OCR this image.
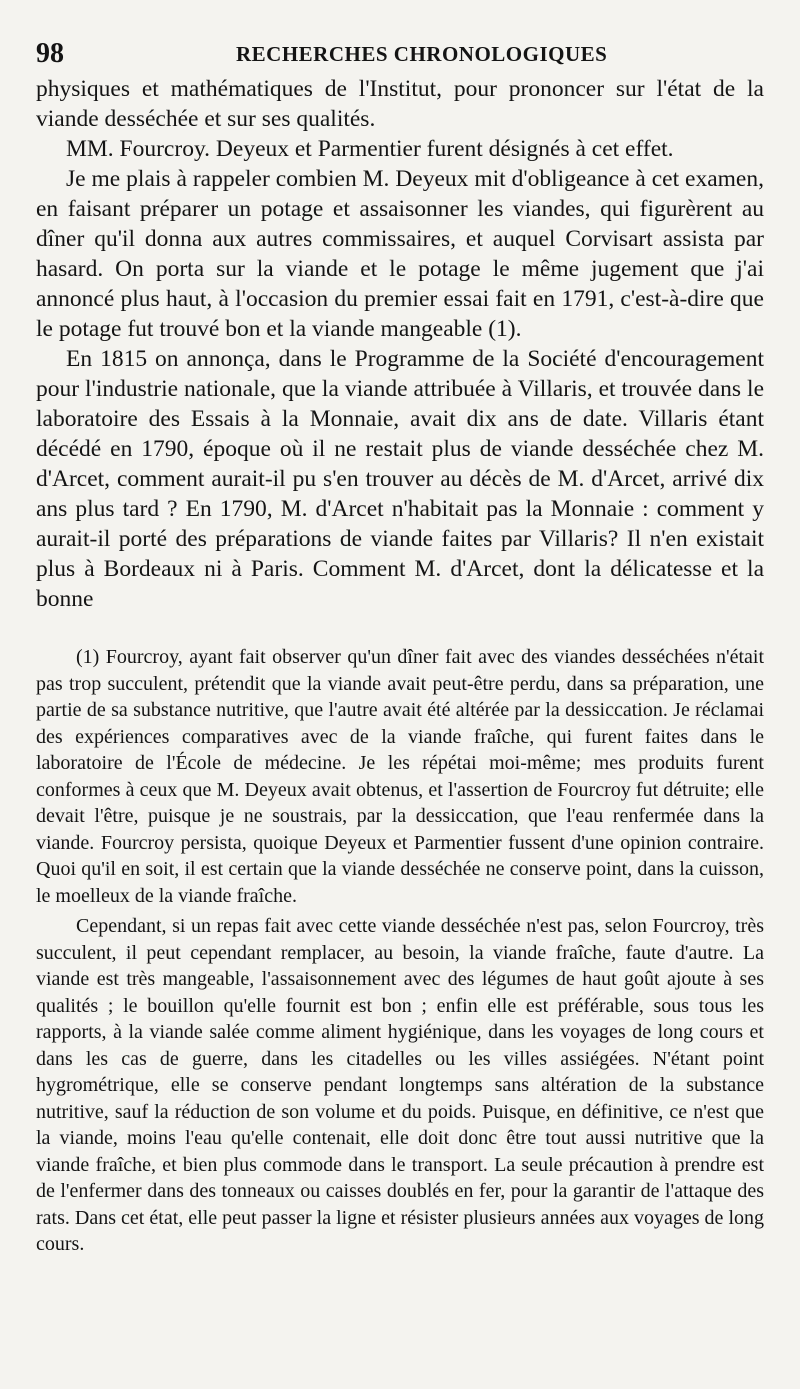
98	RECHERCHES CHRONOLOGIQUES

physiques et mathématiques de l'Institut, pour prononcer sur l'état de la viande desséchée et sur ses qualités.

MM. Fourcroy. Deyeux et Parmentier furent désignés à cet effet.

Je me plais à rappeler combien M. Deyeux mit d'obligeance à cet examen, en faisant préparer un potage et assaisonner les viandes, qui figurèrent au dîner qu'il donna aux autres commissaires, et auquel Corvisart assista par hasard. On porta sur la viande et le potage le même jugement que j'ai annoncé plus haut, à l'occasion du premier essai fait en 1791, c'est-à-dire que le potage fut trouvé bon et la viande mangeable (1).

En 1815 on annonça, dans le Programme de la Société d'encouragement pour l'industrie nationale, que la viande attribuée à Villaris, et trouvée dans le laboratoire des Essais à la Monnaie, avait dix ans de date. Villaris étant décédé en 1790, époque où il ne restait plus de viande desséchée chez M. d'Arcet, comment aurait-il pu s'en trouver au décès de M. d'Arcet, arrivé dix ans plus tard ? En 1790, M. d'Arcet n'habitait pas la Monnaie : comment y aurait-il porté des préparations de viande faites par Villaris? Il n'en existait plus à Bordeaux ni à Paris. Comment M. d'Arcet, dont la délicatesse et la bonne

(1) Fourcroy, ayant fait observer qu'un dîner fait avec des viandes desséchées n'était pas trop succulent, prétendit que la viande avait peut-être perdu, dans sa préparation, une partie de sa substance nutritive, que l'autre avait été altérée par la dessiccation. Je réclamai des expériences comparatives avec de la viande fraîche, qui furent faites dans le laboratoire de l'École de médecine. Je les répétai moi-même; mes produits furent conformes à ceux que M. Deyeux avait obtenus, et l'assertion de Fourcroy fut détruite; elle devait l'être, puisque je ne soustrais, par la dessiccation, que l'eau renfermée dans la viande. Fourcroy persista, quoique Deyeux et Parmentier fussent d'une opinion contraire. Quoi qu'il en soit, il est certain que la viande desséchée ne conserve point, dans la cuisson, le moelleux de la viande fraîche.

Cependant, si un repas fait avec cette viande desséchée n'est pas, selon Fourcroy, très succulent, il peut cependant remplacer, au besoin, la viande fraîche, faute d'autre. La viande est très mangeable, l'assaisonnement avec des légumes de haut goût ajoute à ses qualités ; le bouillon qu'elle fournit est bon ; enfin elle est préférable, sous tous les rapports, à la viande salée comme aliment hygiénique, dans les voyages de long cours et dans les cas de guerre, dans les citadelles ou les villes assiégées. N'étant point hygrométrique, elle se conserve pendant longtemps sans altération de la substance nutritive, sauf la réduction de son volume et du poids. Puisque, en définitive, ce n'est que la viande, moins l'eau qu'elle contenait, elle doit donc être tout aussi nutritive que la viande fraîche, et bien plus commode dans le transport. La seule précaution à prendre est de l'enfermer dans des tonneaux ou caisses doublés en fer, pour la garantir de l'attaque des rats. Dans cet état, elle peut passer la ligne et résister plusieurs années aux voyages de long cours.
